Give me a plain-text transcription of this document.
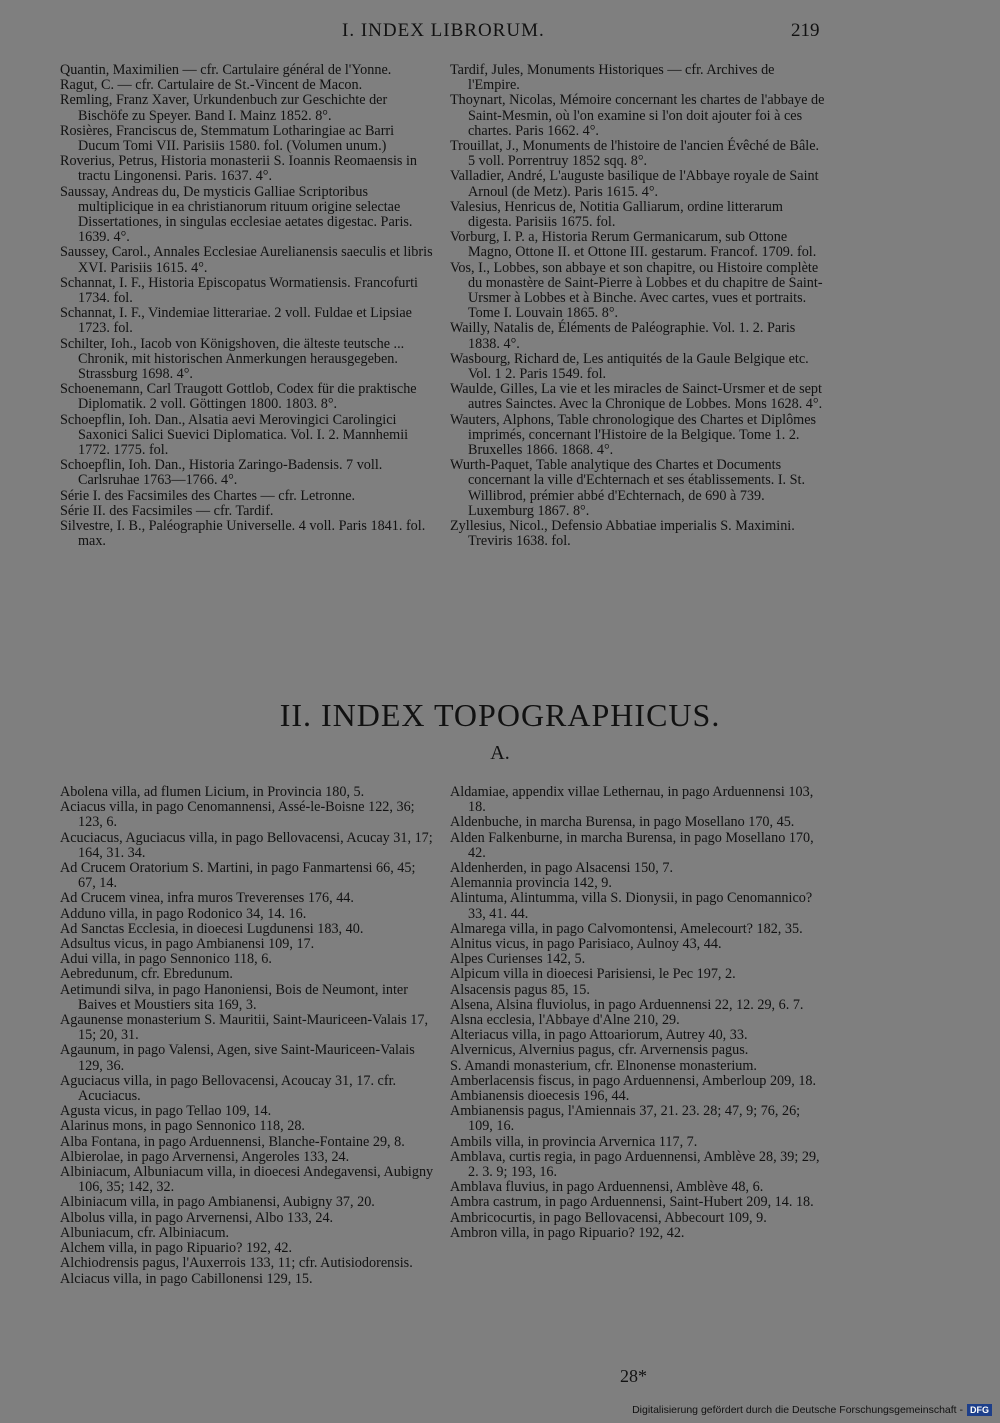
I. INDEX LIBRORUM.	219
Quantin, Maximilien — cfr. Cartulaire général de l'Yonne.
Ragut, C. — cfr. Cartulaire de St.-Vincent de Macon.
Remling, Franz Xaver, Urkundenbuch zur Geschichte der Bischöfe zu Speyer. Band I. Mainz 1852. 8°.
Rosières, Franciscus de, Stemmatum Lotharingiae ac Barri Ducum Tomi VII. Parisiis 1580. fol. (Volumen unum.)
Roverius, Petrus, Historia monasterii S. Ioannis Reomaensis in tractu Lingonensi. Paris. 1637. 4°.
Saussay, Andreas du, De mysticis Galliae Scriptoribus multiplicique in ea christianorum rituum origine selectae Dissertationes, in singulas ecclesiae aetates digestac. Paris. 1639. 4°.
Saussey, Carol., Annales Ecclesiae Aurelianensis saeculis et libris XVI. Parisiis 1615. 4°.
Schannat, I. F., Historia Episcopatus Wormatiensis. Francofurti 1734. fol.
Schannat, I. F., Vindemiae litterariae. 2 voll. Fuldae et Lipsiae 1723. fol.
Schilter, Ioh., Iacob von Königshoven, die älteste teutsche ... Chronik, mit historischen Anmerkungen herausgegeben. Strassburg 1698. 4°.
Schoenemann, Carl Traugott Gottlob, Codex für die praktische Diplomatik. 2 voll. Göttingen 1800. 1803. 8°.
Schoepflin, Ioh. Dan., Alsatia aevi Merovingici Carolingici Saxonici Salici Suevici Diplomatica. Vol. I. 2. Mannhemii 1772. 1775. fol.
Schoepflin, Ioh. Dan., Historia Zaringo-Badensis. 7 voll. Carlsruhae 1763—1766. 4°.
Série I. des Facsimiles des Chartes — cfr. Letronne.
Série II. des Facsimiles — cfr. Tardif.
Silvestre, I. B., Paléographie Universelle. 4 voll. Paris 1841. fol. max.
Tardif, Jules, Monuments Historiques — cfr. Archives de l'Empire.
Thoynart, Nicolas, Mémoire concernant les chartes de l'abbaye de Saint-Mesmin, où l'on examine si l'on doit ajouter foi à ces chartes. Paris 1662. 4°.
Trouillat, J., Monuments de l'histoire de l'ancien Évêché de Bâle. 5 voll. Porrentruy 1852 sqq. 8°.
Valladier, André, L'auguste basilique de l'Abbaye royale de Saint Arnoul (de Metz). Paris 1615. 4°.
Valesius, Henricus de, Notitia Galliarum, ordine litterarum digesta. Parisiis 1675. fol.
Vorburg, I. P. a, Historia Rerum Germanicarum, sub Ottone Magno, Ottone II. et Ottone III. gestarum. Francof. 1709. fol.
Vos, I., Lobbes, son abbaye et son chapitre, ou Histoire complète du monastère de Saint-Pierre à Lobbes et du chapitre de Saint-Ursmer à Lobbes et à Binche. Avec cartes, vues et portraits. Tome I. Louvain 1865. 8°.
Wailly, Natalis de, Éléments de Paléographie. Vol. 1. 2. Paris 1838. 4°.
Wasbourg, Richard de, Les antiquités de la Gaule Belgique etc. Vol. 1 2. Paris 1549. fol.
Waulde, Gilles, La vie et les miracles de Sainct-Ursmer et de sept autres Sainctes. Avec la Chronique de Lobbes. Mons 1628. 4°.
Wauters, Alphons, Table chronologique des Chartes et Diplômes imprimés, concernant l'Histoire de la Belgique. Tome 1. 2. Bruxelles 1866. 1868. 4°.
Wurth-Paquet, Table analytique des Chartes et Documents concernant la ville d'Echternach et ses établissements. I. St. Willibrod, prémier abbé d'Echternach, de 690 à 739. Luxemburg 1867. 8°.
Zyllesius, Nicol., Defensio Abbatiae imperialis S. Maximini. Treviris 1638. fol.
II. INDEX TOPOGRAPHICUS.
A.
Abolena villa, ad flumen Licium, in Provincia 180, 5.
Aciacus villa, in pago Cenomannensi, Assé-le-Boisne 122, 36; 123, 6.
Acuciacus, Aguciacus villa, in pago Bellovacensi, Acucay 31, 17; 164, 31. 34.
Ad Crucem Oratorium S. Martini, in pago Fanmartensi 66, 45; 67, 14.
Ad Crucem vinea, infra muros Treverenses 176, 44.
Adduno villa, in pago Rodonico 34, 14. 16.
Ad Sanctas Ecclesia, in dioecesi Lugdunensi 183, 40.
Adsultus vicus, in pago Ambianensi 109, 17.
Adui villa, in pago Sennonico 118, 6.
Aebredunum, cfr. Ebredunum.
Aetimundi silva, in pago Hanoniensi, Bois de Neumont, inter Baives et Moustiers sita 169, 3.
Agaunense monasterium S. Mauritii, Saint-Mauriceen-Valais 17, 15; 20, 31.
Agaunum, in pago Valensi, Agen, sive Saint-Mauriceen-Valais 129, 36.
Aguciacus villa, in pago Bellovacensi, Acoucay 31, 17. cfr. Acuciacus.
Agusta vicus, in pago Tellao 109, 14.
Alarinus mons, in pago Sennonico 118, 28.
Alba Fontana, in pago Arduennensi, Blanche-Fontaine 29, 8.
Albierolae, in pago Arvernensi, Angeroles 133, 24.
Albiniacum, Albuniacum villa, in dioecesi Andegavensi, Aubigny 106, 35; 142, 32.
Albiniacum villa, in pago Ambianensi, Aubigny 37, 20.
Albolus villa, in pago Arvernensi, Albo 133, 24.
Albuniacum, cfr. Albiniacum.
Alchem villa, in pago Ripuario? 192, 42.
Alchiodrensis pagus, l'Auxerrois 133, 11; cfr. Autisiodorensis.
Alciacus villa, in pago Cabillonensi 129, 15.
Aldamiae, appendix villae Lethernau, in pago Arduennensi 103, 18.
Aldenbuche, in marcha Burensa, in pago Mosellano 170, 45.
Alden Falkenburne, in marcha Burensa, in pago Mosellano 170, 42.
Aldenherden, in pago Alsacensi 150, 7.
Alemannia provincia 142, 9.
Alintuma, Alintumma, villa S. Dionysii, in pago Cenomannico? 33, 41. 44.
Almarega villa, in pago Calvomontensi, Amelecourt? 182, 35.
Alnitus vicus, in pago Parisiaco, Aulnoy 43, 44.
Alpes Curienses 142, 5.
Alpicum villa in dioecesi Parisiensi, le Pec 197, 2.
Alsacensis pagus 85, 15.
Alsena, Alsina fluviolus, in pago Arduennensi 22, 12. 29, 6. 7.
Alsna ecclesia, l'Abbaye d'Alne 210, 29.
Alteriacus villa, in pago Attoariorum, Autrey 40, 33.
Alvernicus, Alvernius pagus, cfr. Arvernensis pagus.
S. Amandi monasterium, cfr. Elnonense monasterium.
Amberlacensis fiscus, in pago Arduennensi, Amberloup 209, 18.
Ambianensis dioecesis 196, 44.
Ambianensis pagus, l'Amiennais 37, 21. 23. 28; 47, 9; 76, 26; 109, 16.
Ambils villa, in provincia Arvernica 117, 7.
Amblava, curtis regia, in pago Arduennensi, Amblève 28, 39; 29, 2. 3. 9; 193, 16.
Amblava fluvius, in pago Arduennensi, Amblève 48, 6.
Ambra castrum, in pago Arduennensi, Saint-Hubert 209, 14. 18.
Ambricocurtis, in pago Bellovacensi, Abbecourt 109, 9.
Ambron villa, in pago Ripuario? 192, 42.
28*
Digitalisierung gefördert durch die Deutsche Forschungsgemeinschaft - DFG
